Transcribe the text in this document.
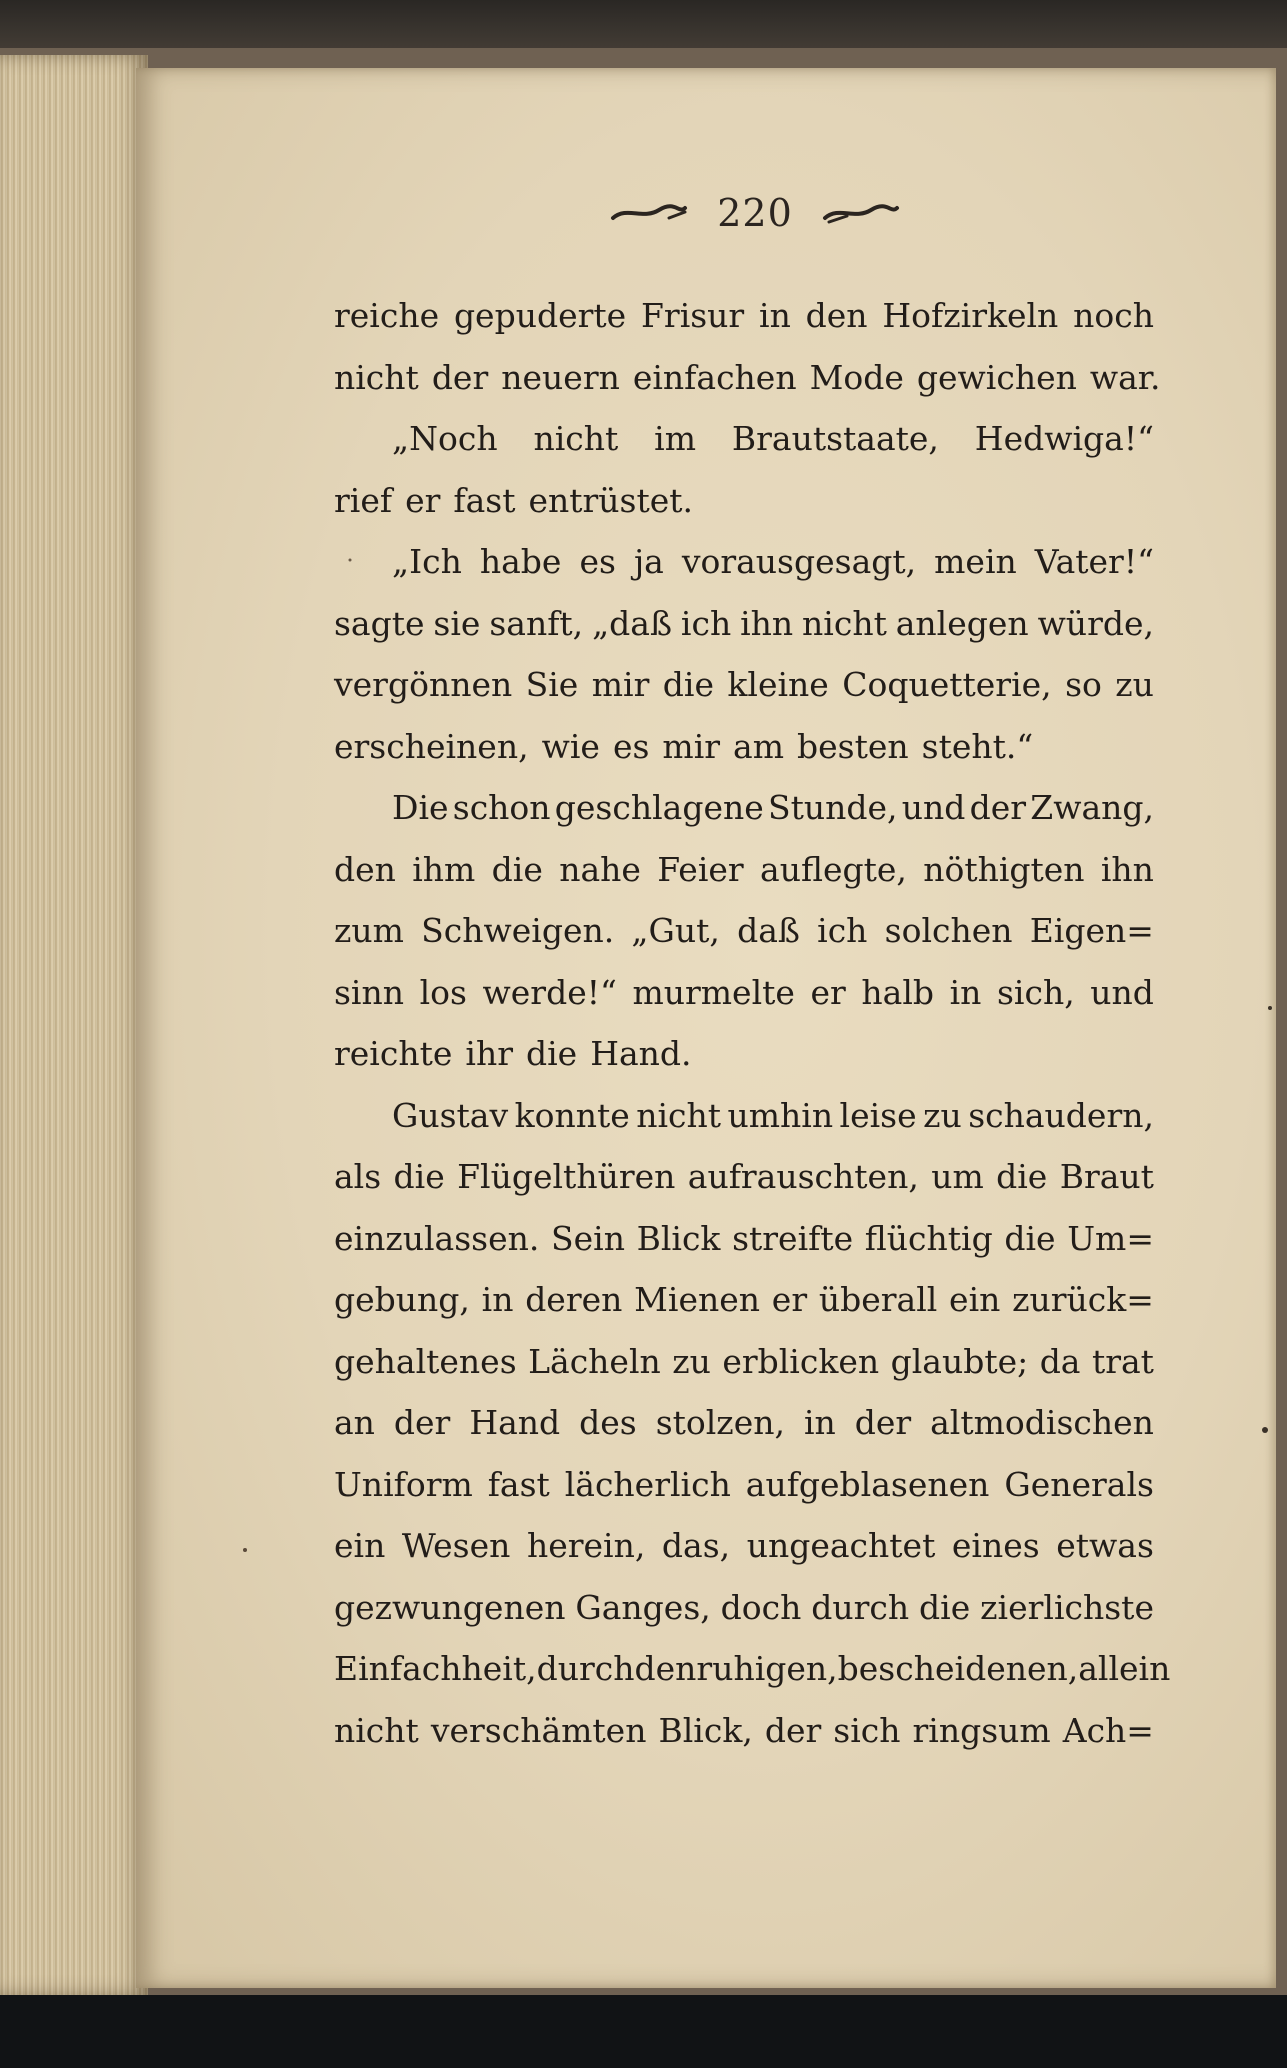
220
reiche gepuderte Frisur in den Hofzirkeln noch
nicht der neuern einfachen Mode gewichen war.
„Noch nicht im Brautstaate, Hedwiga!“
rief er fast entrüstet.
„Ich habe es ja vorausgesagt, mein Vater!“
sagte sie sanft, „daß ich ihn nicht anlegen würde,
vergönnen Sie mir die kleine Coquetterie, so zu
erscheinen, wie es mir am besten steht.“
Die schon geschlagene Stunde, und der Zwang,
den ihm die nahe Feier auflegte, nöthigten ihn
zum Schweigen. „Gut, daß ich solchen Eigen=
sinn los werde!“ murmelte er halb in sich, und
reichte ihr die Hand.
Gustav konnte nicht umhin leise zu schaudern,
als die Flügelthüren aufrauschten, um die Braut
einzulassen. Sein Blick streifte flüchtig die Um=
gebung, in deren Mienen er überall ein zurück=
gehaltenes Lächeln zu erblicken glaubte; da trat
an der Hand des stolzen, in der altmodischen
Uniform fast lächerlich aufgeblasenen Generals
ein Wesen herein, das, ungeachtet eines etwas
gezwungenen Ganges, doch durch die zierlichste
Einfachheit, durch den ruhigen, bescheidenen, allein
nicht verschämten Blick, der sich ringsum Ach=
